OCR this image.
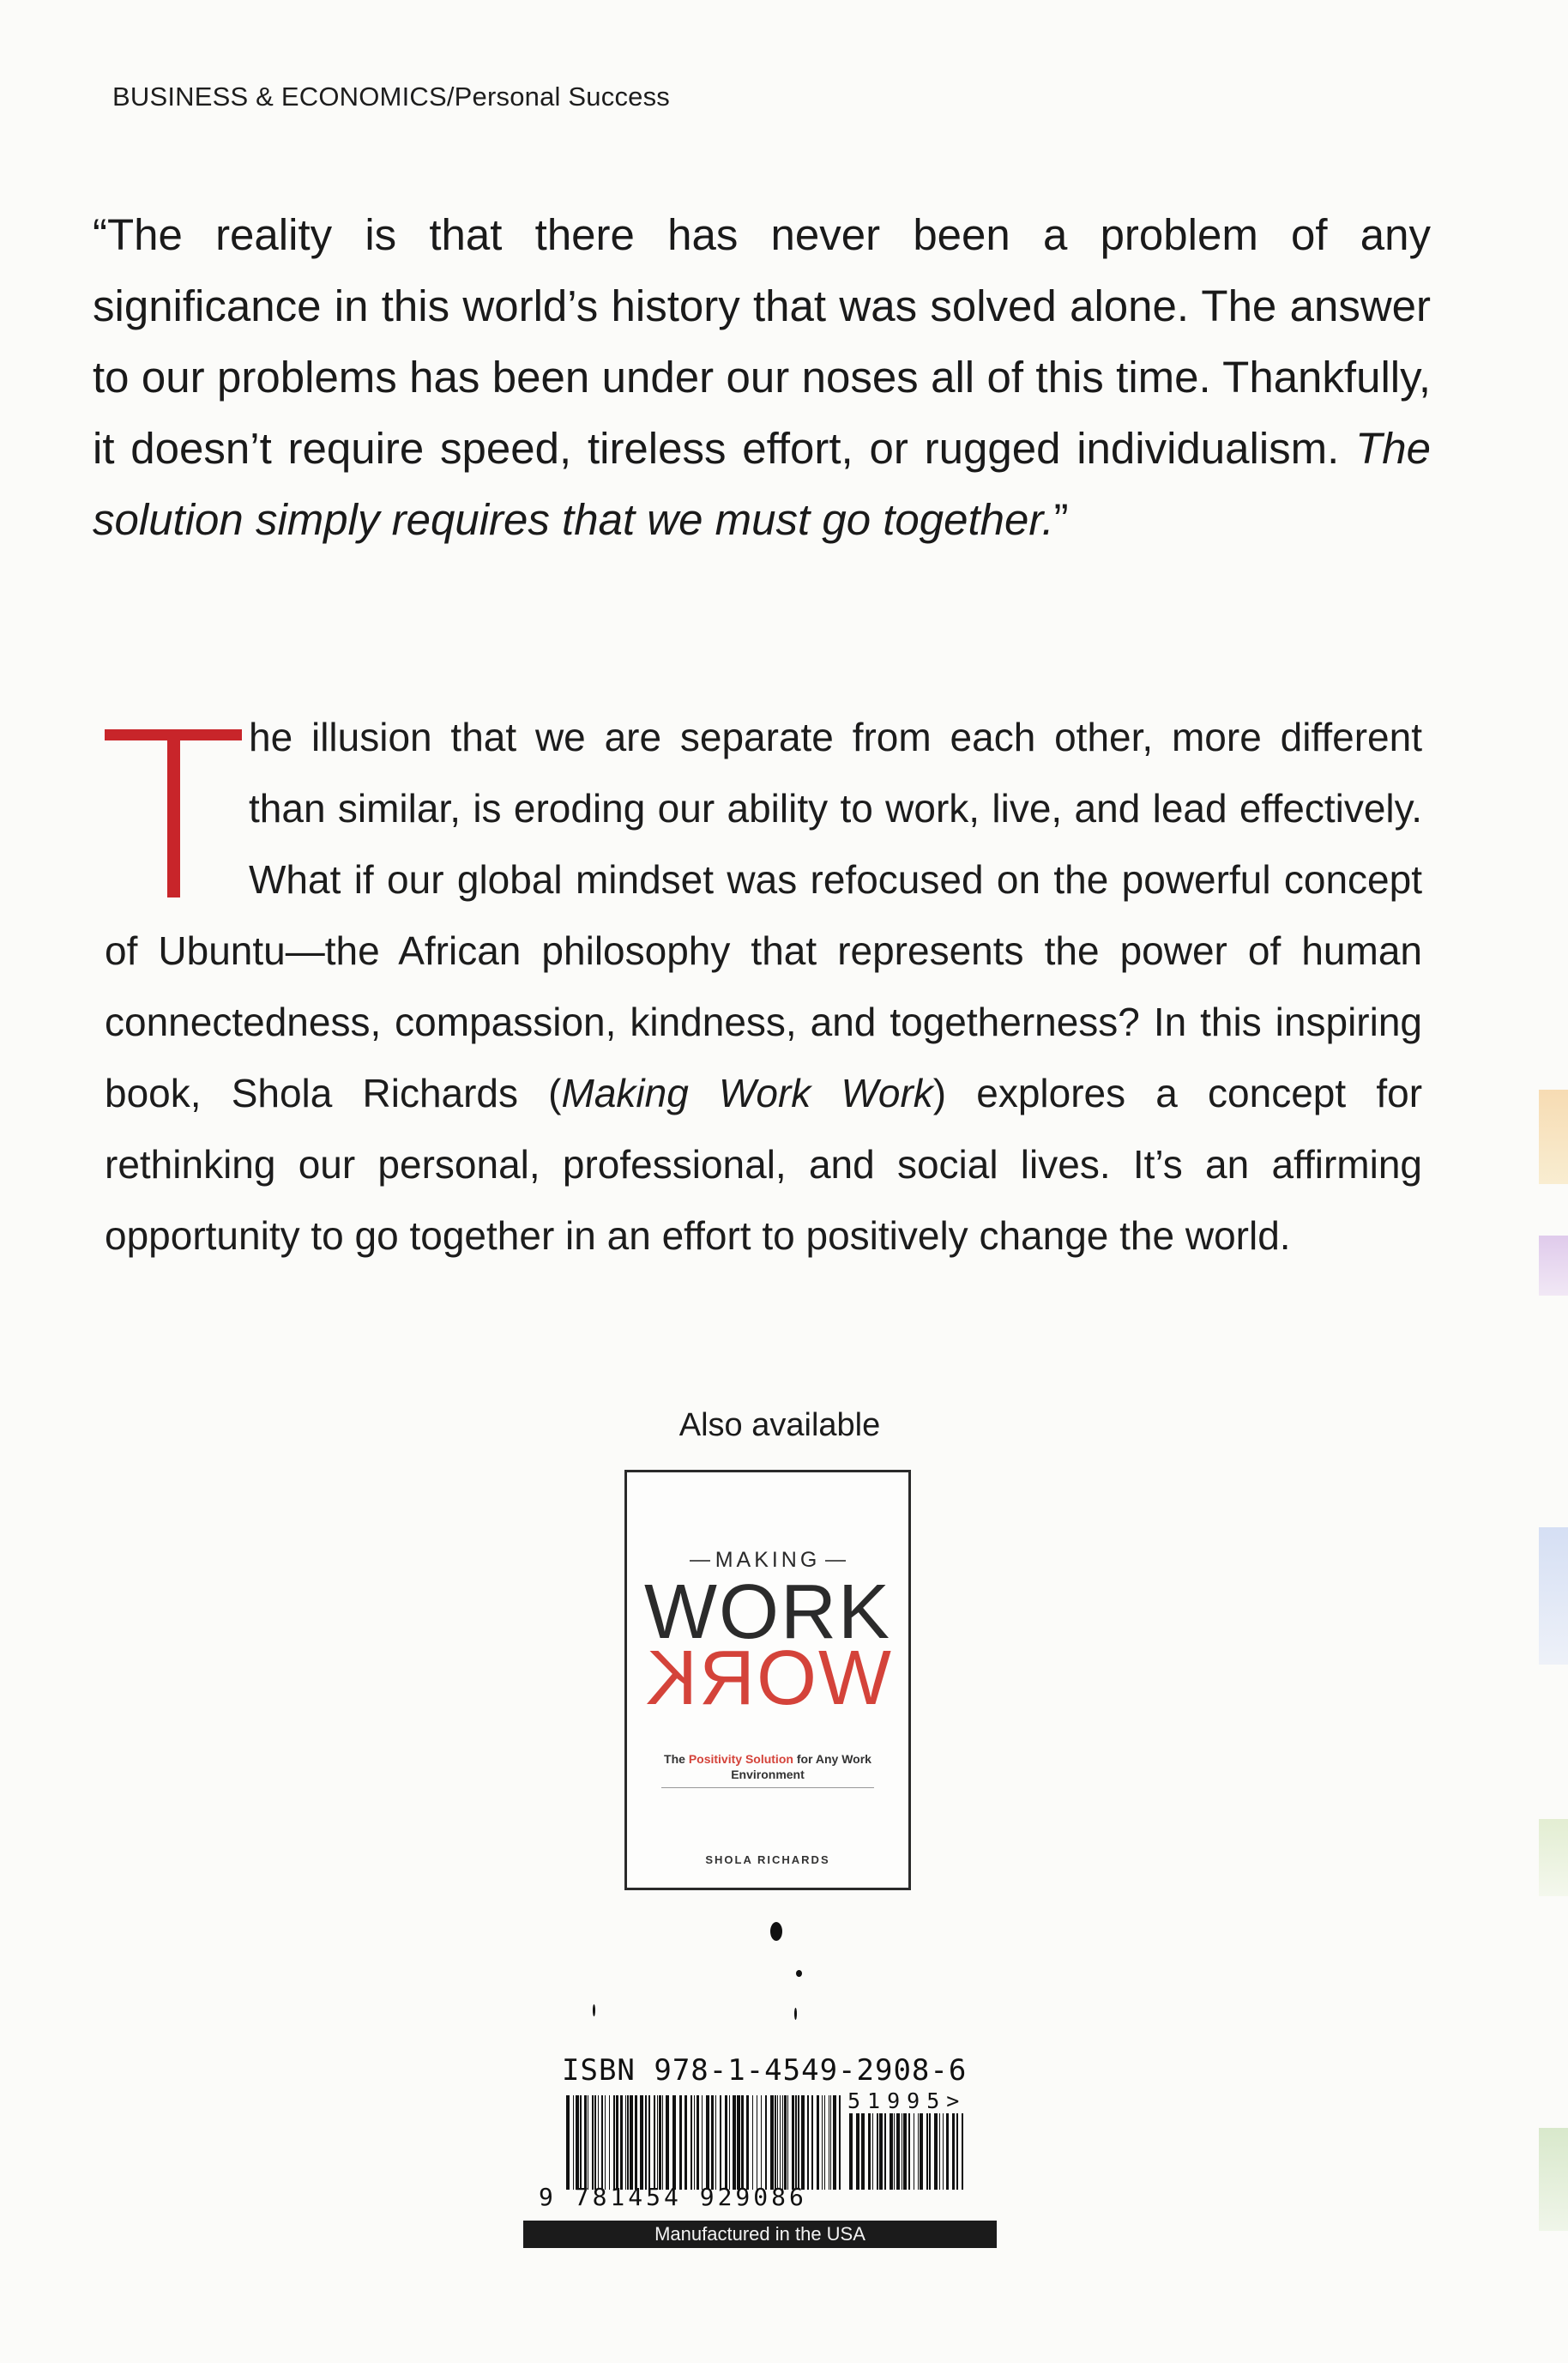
BUSINESS & ECONOMICS/Personal Success
“The reality is that there has never been a problem of any significance in this world’s history that was solved alone. The answer to our problems has been under our noses all of this time. Thankfully, it doesn’t require speed, tireless effort, or rugged individualism. The solution simply requires that we must go together.”
he illusion that we are separate from each other, more different than similar, is eroding our ability to work, live, and lead effectively. What if our global mindset was refocused on the powerful concept of Ubuntu—the African philosophy that represents the power of human connectedness, compassion, kindness, and togetherness? In this inspiring book, Shola Richards (Making Work Work) explores a concept for rethinking our personal, professional, and social lives. It’s an affirming opportunity to go together in an effort to positively change the world.
Also available
MAKING
WORK
WORK
The Positivity Solution for Any Work Environment
SHOLA RICHARDS
ISBN 978-1-4549-2908-6
51995>
9 781454 929086
Manufactured in the USA
